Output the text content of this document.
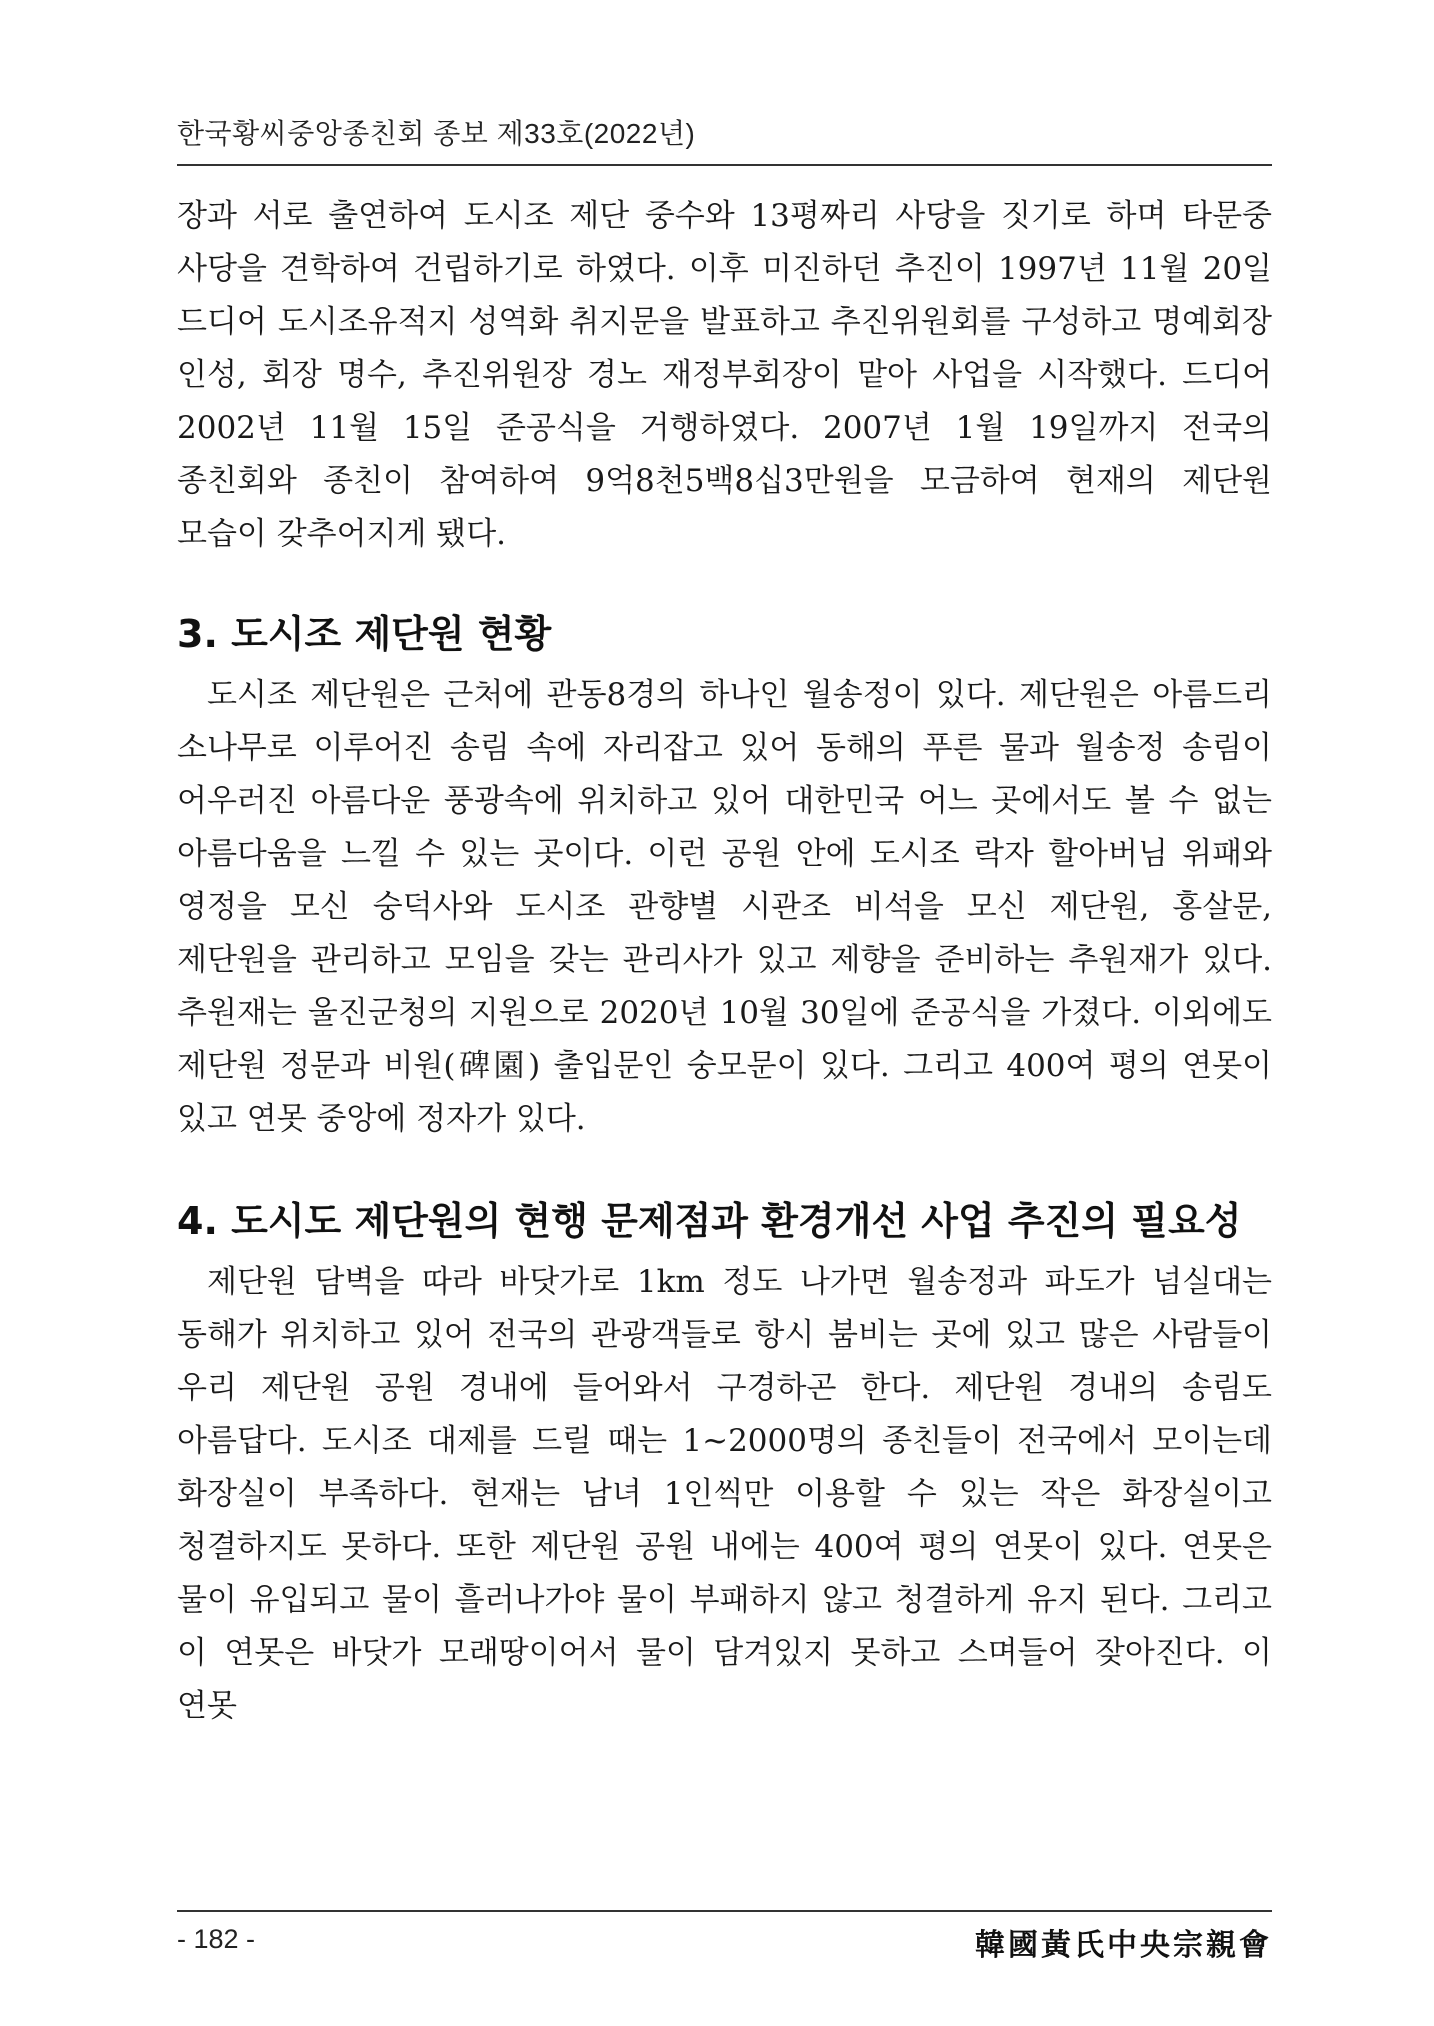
한국황씨중앙종친회 종보 제33호(2022년)

장과 서로 출연하여 도시조 제단 중수와 13평짜리 사당을 짓기로 하며 타문중 사당을 견학하여 건립하기로 하였다. 이후 미진하던 추진이 1997년 11월 20일 드디어 도시조유적지 성역화 취지문을 발표하고 추진위원회를 구성하고 명예회장 인성, 회장 명수, 추진위원장 경노 재정부회장이 맡아 사업을 시작했다. 드디어 2002년 11월 15일 준공식을 거행하였다. 2007년 1월 19일까지 전국의 종친회와 종친이 참여하여 9억8천5백8십3만원을 모금하여 현재의 제단원 모습이 갖추어지게 됐다.

3. 도시조 제단원 현황

도시조 제단원은 근처에 관동8경의 하나인 월송정이 있다. 제단원은 아름드리 소나무로 이루어진 송림 속에 자리잡고 있어 동해의 푸른 물과 월송정 송림이 어우러진 아름다운 풍광속에 위치하고 있어 대한민국 어느 곳에서도 볼 수 없는 아름다움을 느낄 수 있는 곳이다. 이런 공원 안에 도시조 락자 할아버님 위패와 영정을 모신 숭덕사와 도시조 관향별 시관조 비석을 모신 제단원, 홍살문, 제단원을 관리하고 모임을 갖는 관리사가 있고 제향을 준비하는 추원재가 있다. 추원재는 울진군청의 지원으로 2020년 10월 30일에 준공식을 가졌다. 이외에도 제단원 정문과 비원(碑園) 출입문인 숭모문이 있다. 그리고 400여 평의 연못이 있고 연못 중앙에 정자가 있다.

4. 도시도 제단원의 현행 문제점과 환경개선 사업 추진의 필요성

제단원 담벽을 따라 바닷가로 1km 정도 나가면 월송정과 파도가 넘실대는 동해가 위치하고 있어 전국의 관광객들로 항시 붐비는 곳에 있고 많은 사람들이 우리 제단원 공원 경내에 들어와서 구경하곤 한다. 제단원 경내의 송림도 아름답다. 도시조 대제를 드릴 때는 1~2000명의 종친들이 전국에서 모이는데 화장실이 부족하다. 현재는 남녀 1인씩만 이용할 수 있는 작은 화장실이고 청결하지도 못하다. 또한 제단원 공원 내에는 400여 평의 연못이 있다. 연못은 물이 유입되고 물이 흘러나가야 물이 부패하지 않고 청결하게 유지 된다. 그리고 이 연못은 바닷가 모래땅이어서 물이 담겨있지 못하고 스며들어 잦아진다. 이 연못

- 182 -	韓國黃氏中央宗親會
